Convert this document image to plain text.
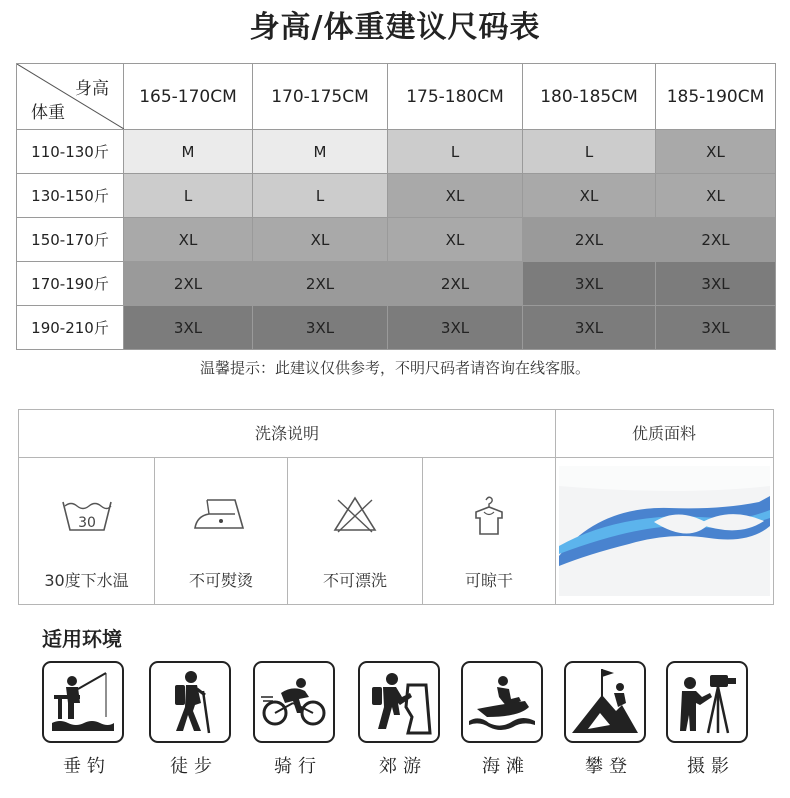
身高/体重建议尺码表
身高
体重	165-170CM	170-175CM	175-180CM	180-185CM	185-190CM
110-130斤	M	M	L	L	XL
130-150斤	L	L	XL	XL	XL
150-170斤	XL	XL	XL	2XL	2XL
170-190斤	2XL	2XL	2XL	3XL	3XL
190-210斤	3XL	3XL	3XL	3XL	3XL
温馨提示：此建议仅供参考，不明尺码者请咨询在线客服。
洗涤说明	优质面料
30
30度下水温	不可熨烫	不可漂洗	可晾干
适用环境
垂钓	徒步	骑行	郊游	海滩	攀登	摄影
